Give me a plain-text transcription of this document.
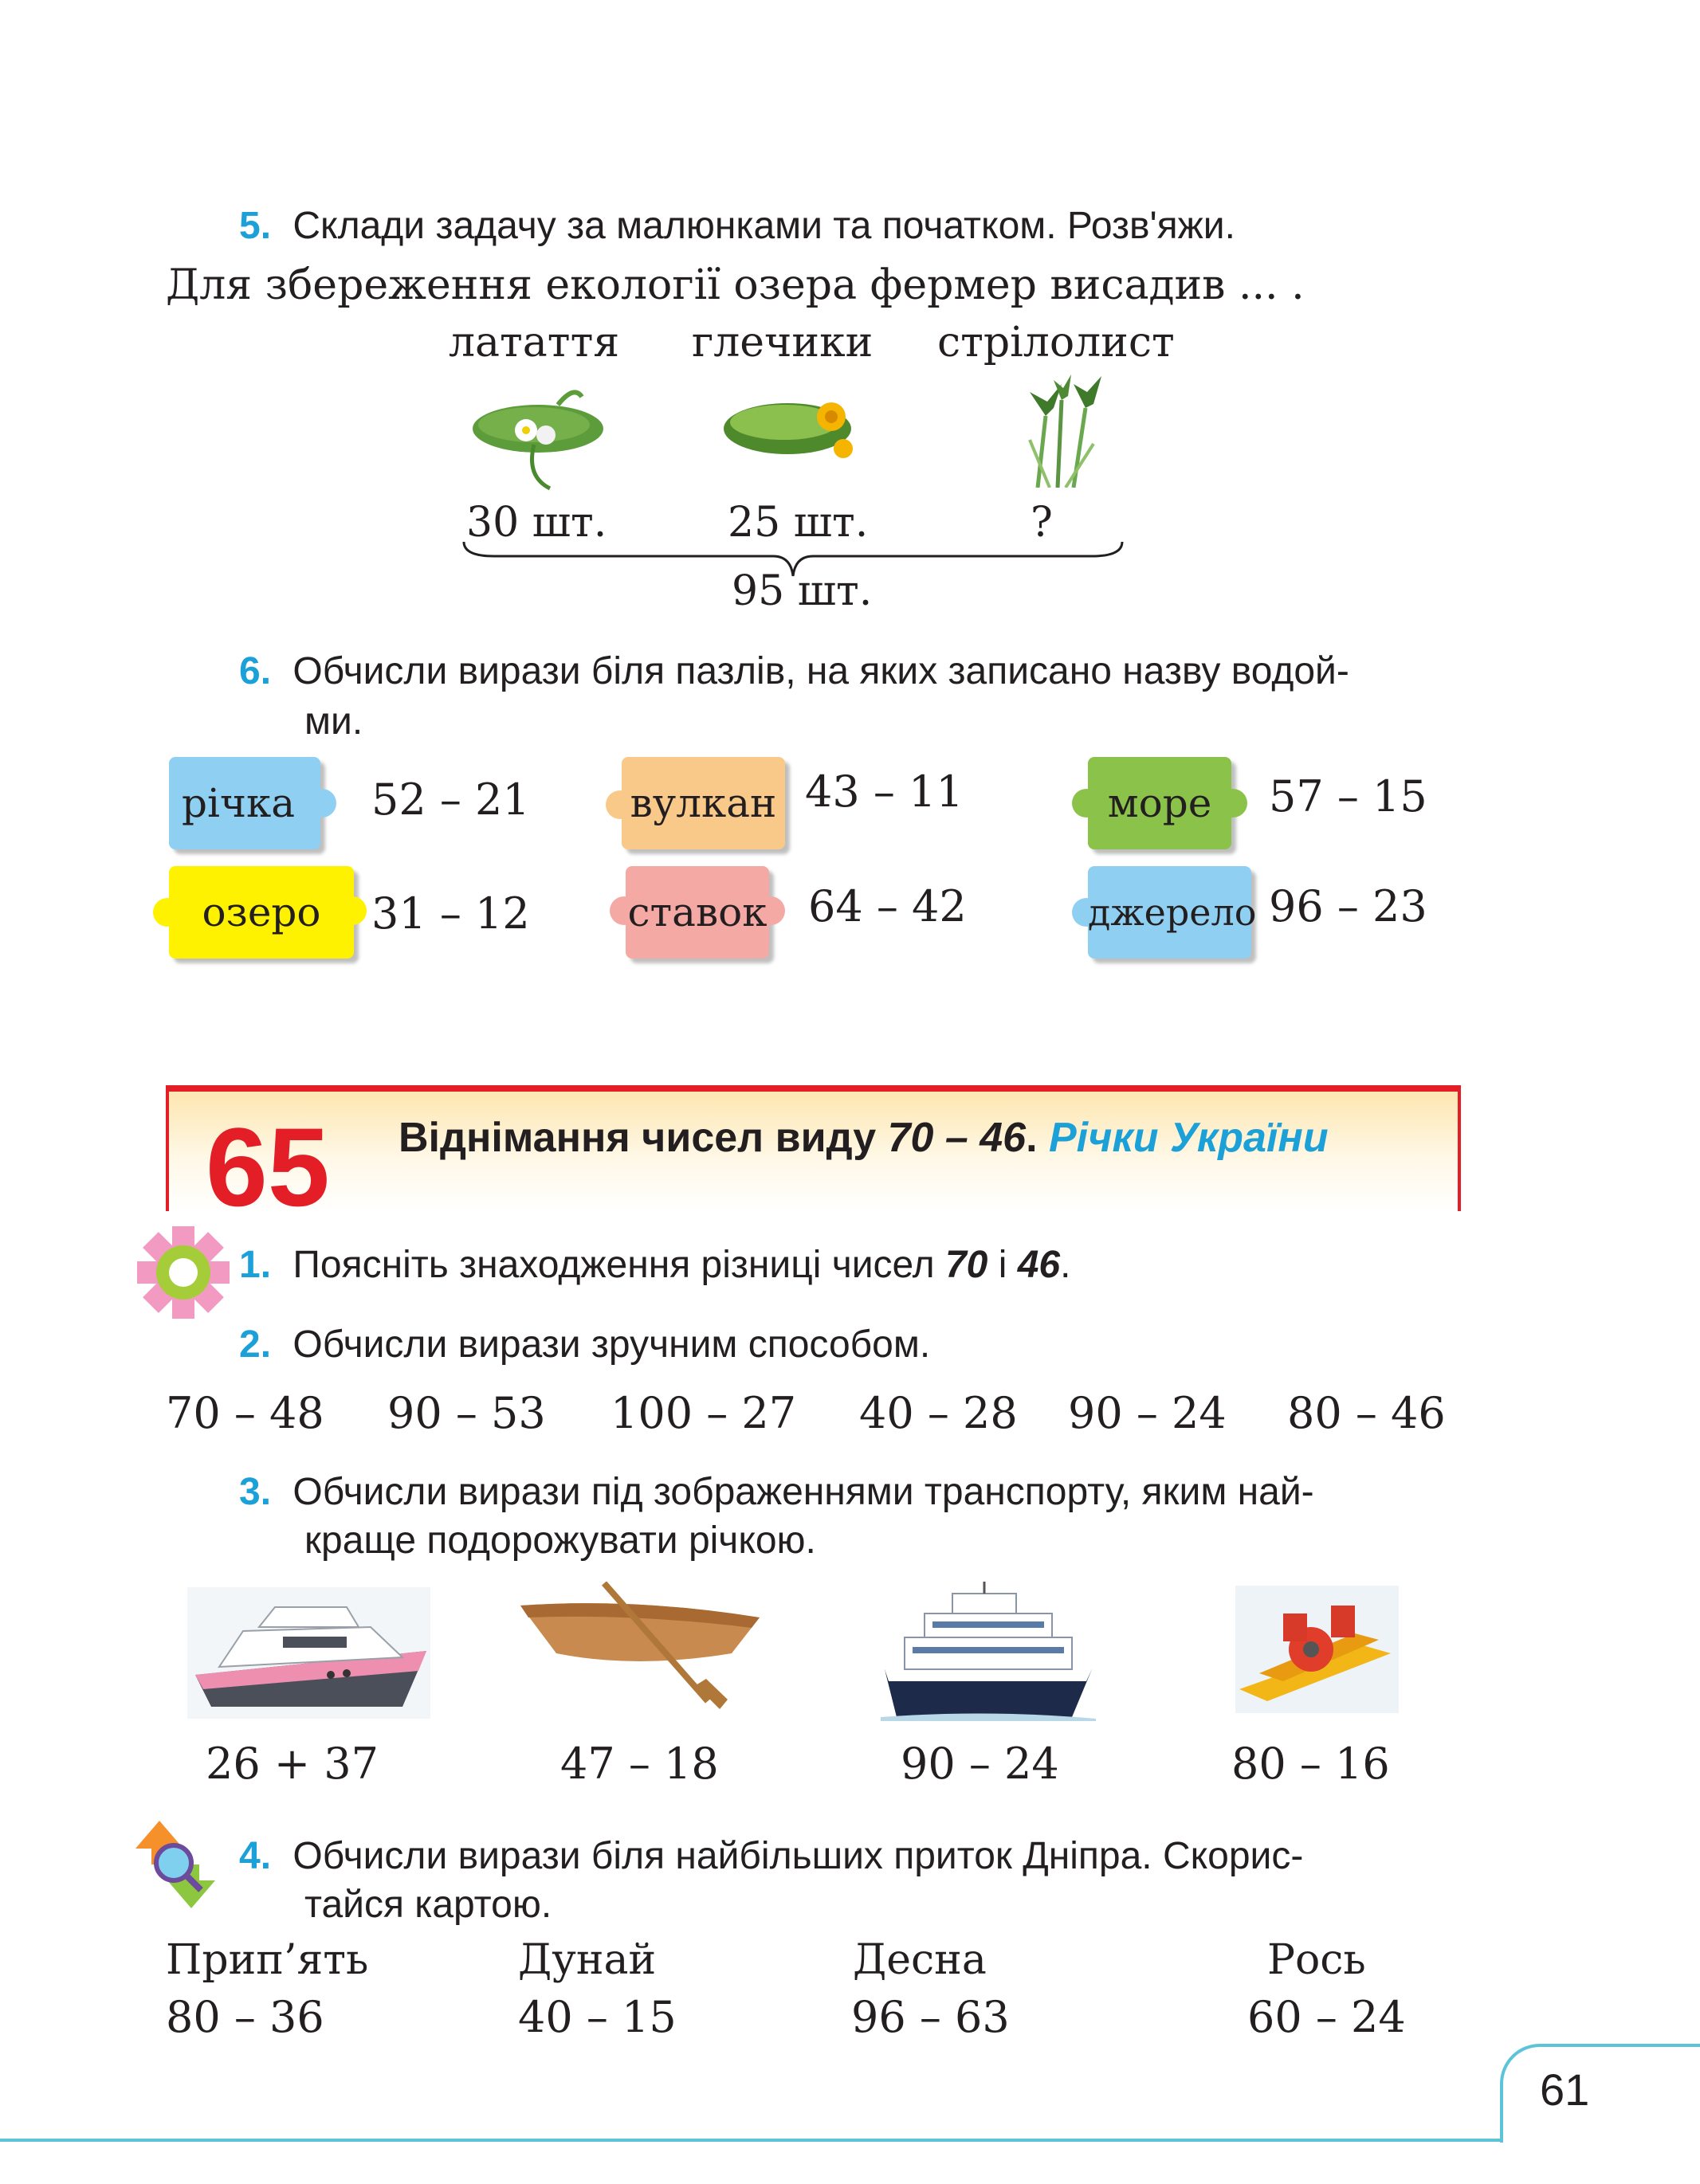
5. Склади задачу за малюнками та початком. Розв'яжи.
Для збереження екології озера фермер висадив ... .
латаття глечики стрілолист
30 шт.	25 шт.	?
95 шт.
6. Обчисли вирази біля пазлів, на яких записано назву водой-
ми.
річка	52 – 21	вулкан 43 – 11	море	57 – 15
озеро	31 – 12 ставок 64 – 42	джерело 96 – 23
65 Віднімання чисел виду 70 – 46. Річки України
1. Поясніть знаходження різниці чисел 70 і 46.
2. Обчисли вирази зручним способом.
70 – 48 90 – 53 100 – 27 40 – 28 90 – 24 80 – 46
3. Обчисли вирази під зображеннями транспорту, яким най-
краще подорожувати річкою.
26 + 37	47 – 18	90 – 24	80 – 16
4. Обчисли вирази біля найбільших приток Дніпра. Скорис-
тайся картою.
Прип’ять	Дунай	Десна	Рось
80 – 36	40 – 15	96 – 63	60 – 24
61
